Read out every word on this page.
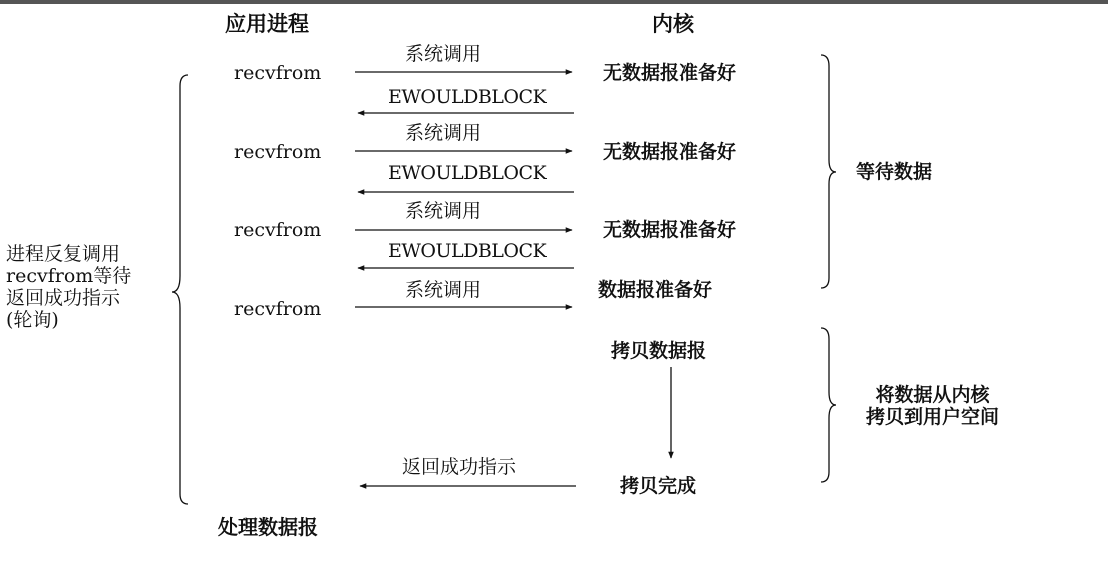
应用进程	内核
recvfrom
系统调用
EWOULDBLOCK
无数据报准备好
recvfrom
系统调用
EWOULDBLOCK
无数据报准备好
recvfrom
系统调用
EWOULDBLOCK
无数据报准备好
recvfrom
系统调用	数据报准备好
拷贝数据报
拷贝完成
返回成功指示
进程反复调用
recvfrom等待
返回成功指示
(轮询)
等待数据
将数据从内核
拷贝到用户空间
处理数据报
